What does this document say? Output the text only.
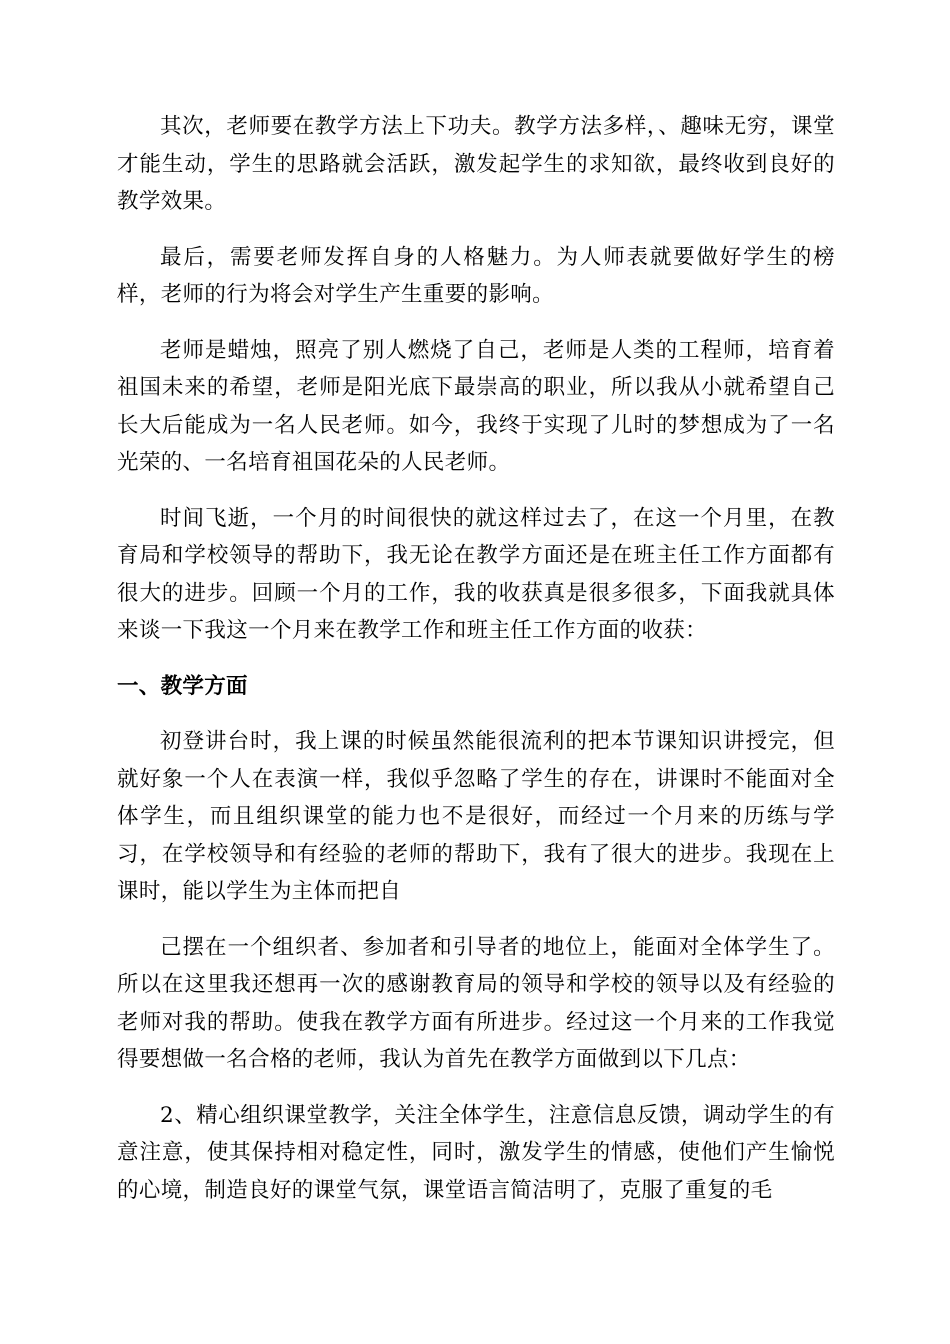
其次，老师要在教学方法上下功夫。教学方法多样，、趣味无穷，课堂才能生动，学生的思路就会活跃，激发起学生的求知欲，最终收到良好的教学效果。

最后，需要老师发挥自身的人格魅力。为人师表就要做好学生的榜样，老师的行为将会对学生产生重要的影响。

老师是蜡烛，照亮了别人燃烧了自己，老师是人类的工程师，培育着祖国未来的希望，老师是阳光底下最崇高的职业，所以我从小就希望自己长大后能成为一名人民老师。如今，我终于实现了儿时的梦想成为了一名光荣的、一名培育祖国花朵的人民老师。

时间飞逝，一个月的时间很快的就这样过去了，在这一个月里，在教育局和学校领导的帮助下，我无论在教学方面还是在班主任工作方面都有很大的进步。回顾一个月的工作，我的收获真是很多很多，下面我就具体来谈一下我这一个月来在教学工作和班主任工作方面的收获：

一、教学方面

初登讲台时，我上课的时候虽然能很流利的把本节课知识讲授完，但就好象一个人在表演一样，我似乎忽略了学生的存在，讲课时不能面对全体学生，而且组织课堂的能力也不是很好，而经过一个月来的历练与学习，在学校领导和有经验的老师的帮助下，我有了很大的进步。我现在上课时，能以学生为主体而把自

己摆在一个组织者、参加者和引导者的地位上，能面对全体学生了。所以在这里我还想再一次的感谢教育局的领导和学校的领导以及有经验的老师对我的帮助。使我在教学方面有所进步。经过这一个月来的工作我觉得要想做一名合格的老师，我认为首先在教学方面做到以下几点：

2、精心组织课堂教学，关注全体学生，注意信息反馈，调动学生的有意注意，使其保持相对稳定性，同时，激发学生的情感，使他们产生愉悦的心境，制造良好的课堂气氛，课堂语言简洁明了，克服了重复的毛
